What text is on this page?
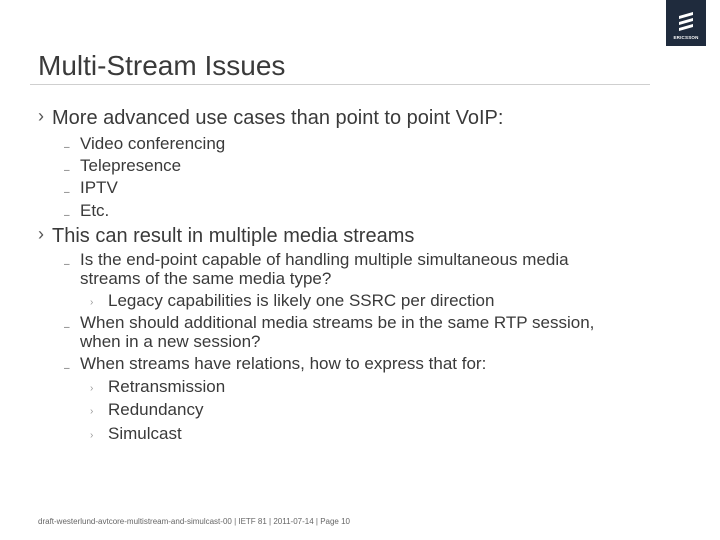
Multi-Stream Issues
ERICSSON
› More advanced use cases than point to point VoIP:
– Video conferencing
– Telepresence
– IPTV
– Etc.
› This can result in multiple media streams
– Is the end-point capable of handling multiple simultaneous media
streams of the same media type?
› Legacy capabilities is likely one SSRC per direction
– When should additional media streams be in the same RTP session,
when in a new session?
– When streams have relations, how to express that for:
› Retransmission
› Redundancy
› Simulcast
draft-westerlund-avtcore-multistream-and-simulcast-00 | IETF 81 | 2011-07-14 | Page 10
